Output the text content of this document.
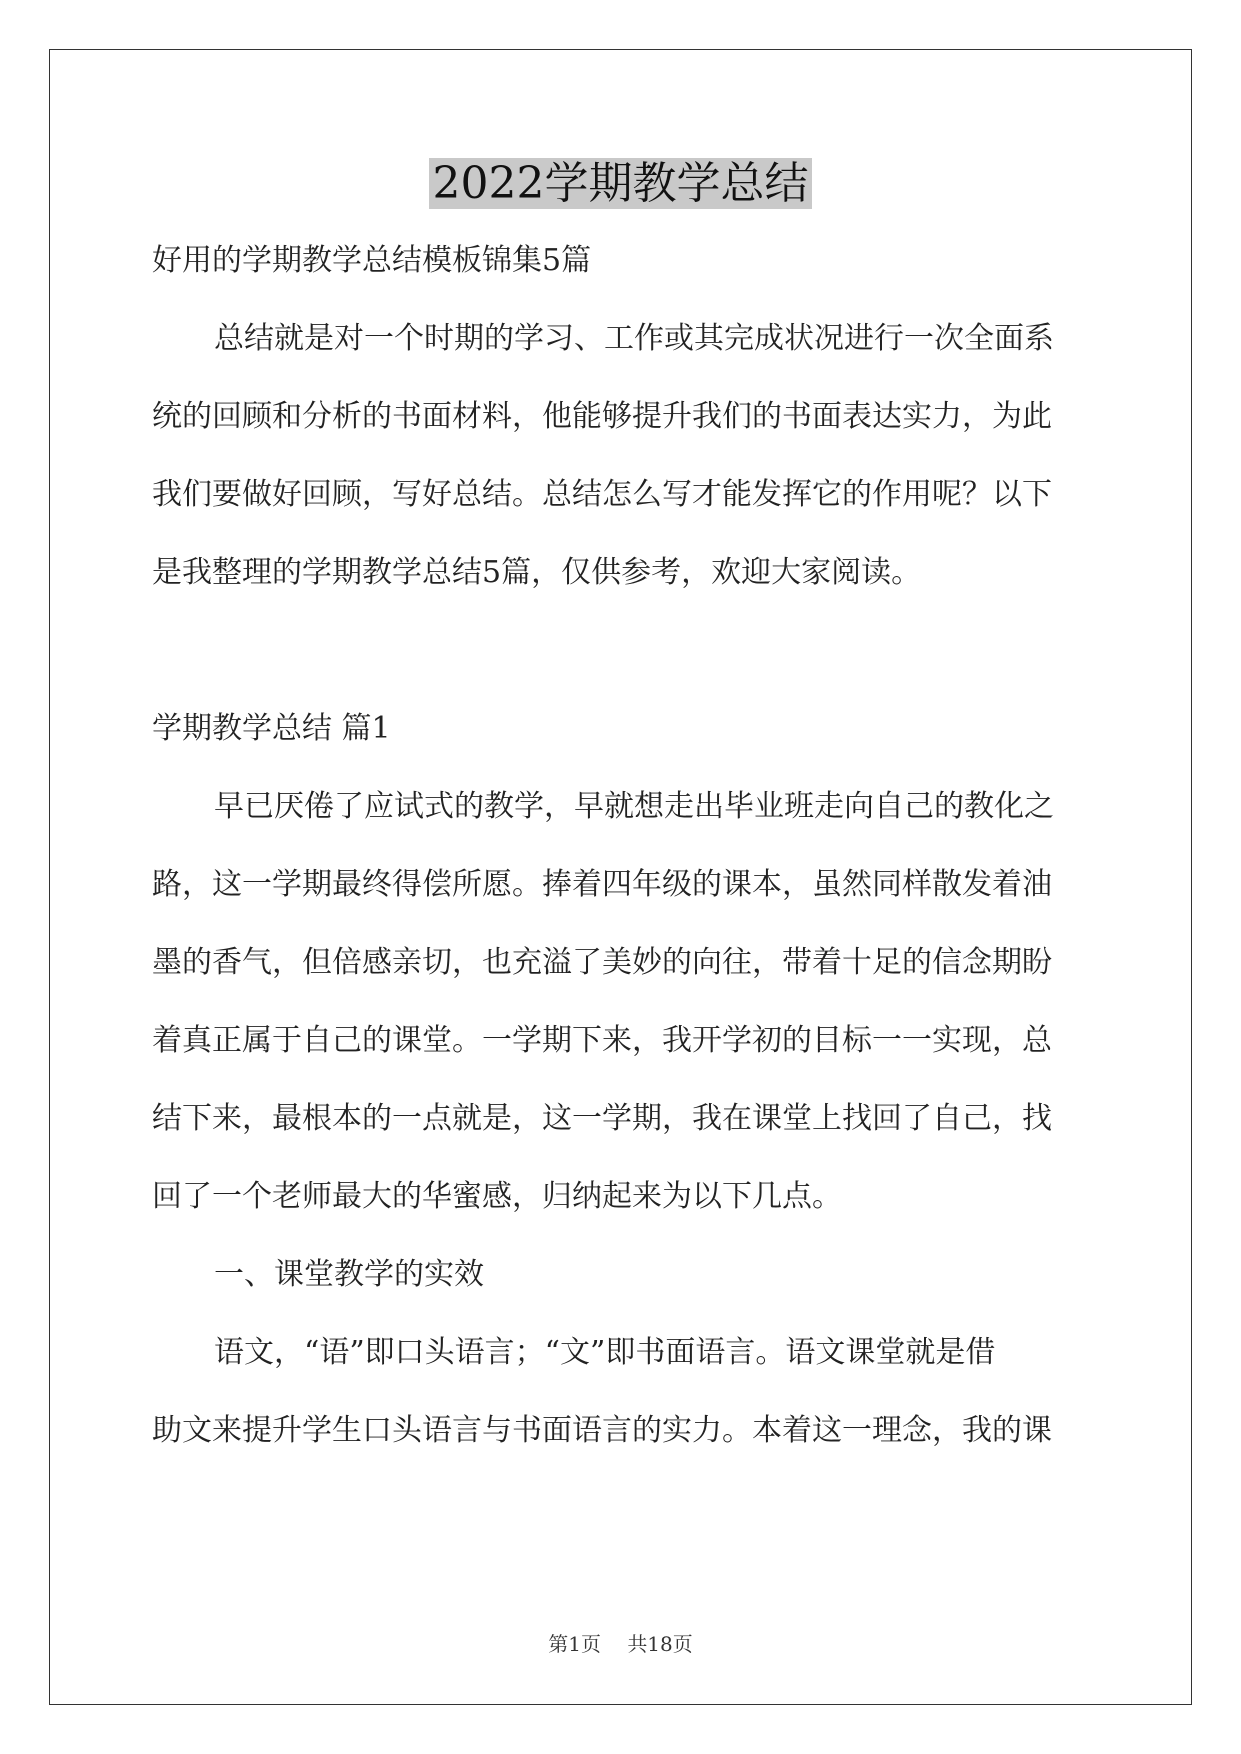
2022学期教学总结
好用的学期教学总结模板锦集5篇
总结就是对一个时期的学习、工作或其完成状况进行一次全面系
统的回顾和分析的书面材料，他能够提升我们的书面表达实力，为此
我们要做好回顾，写好总结。总结怎么写才能发挥它的作用呢？以下
是我整理的学期教学总结5篇，仅供参考，欢迎大家阅读。
学期教学总结 篇1
早已厌倦了应试式的教学，早就想走出毕业班走向自己的教化之
路，这一学期最终得偿所愿。捧着四年级的课本，虽然同样散发着油
墨的香气，但倍感亲切，也充溢了美妙的向往，带着十足的信念期盼
着真正属于自己的课堂。一学期下来，我开学初的目标一一实现，总
结下来，最根本的一点就是，这一学期，我在课堂上找回了自己，找
回了一个老师最大的华蜜感，归纳起来为以下几点。
一、课堂教学的实效
语文，“语”即口头语言；“文”即书面语言。语文课堂就是借
助文来提升学生口头语言与书面语言的实力。本着这一理念，我的课
第1页 共18页
